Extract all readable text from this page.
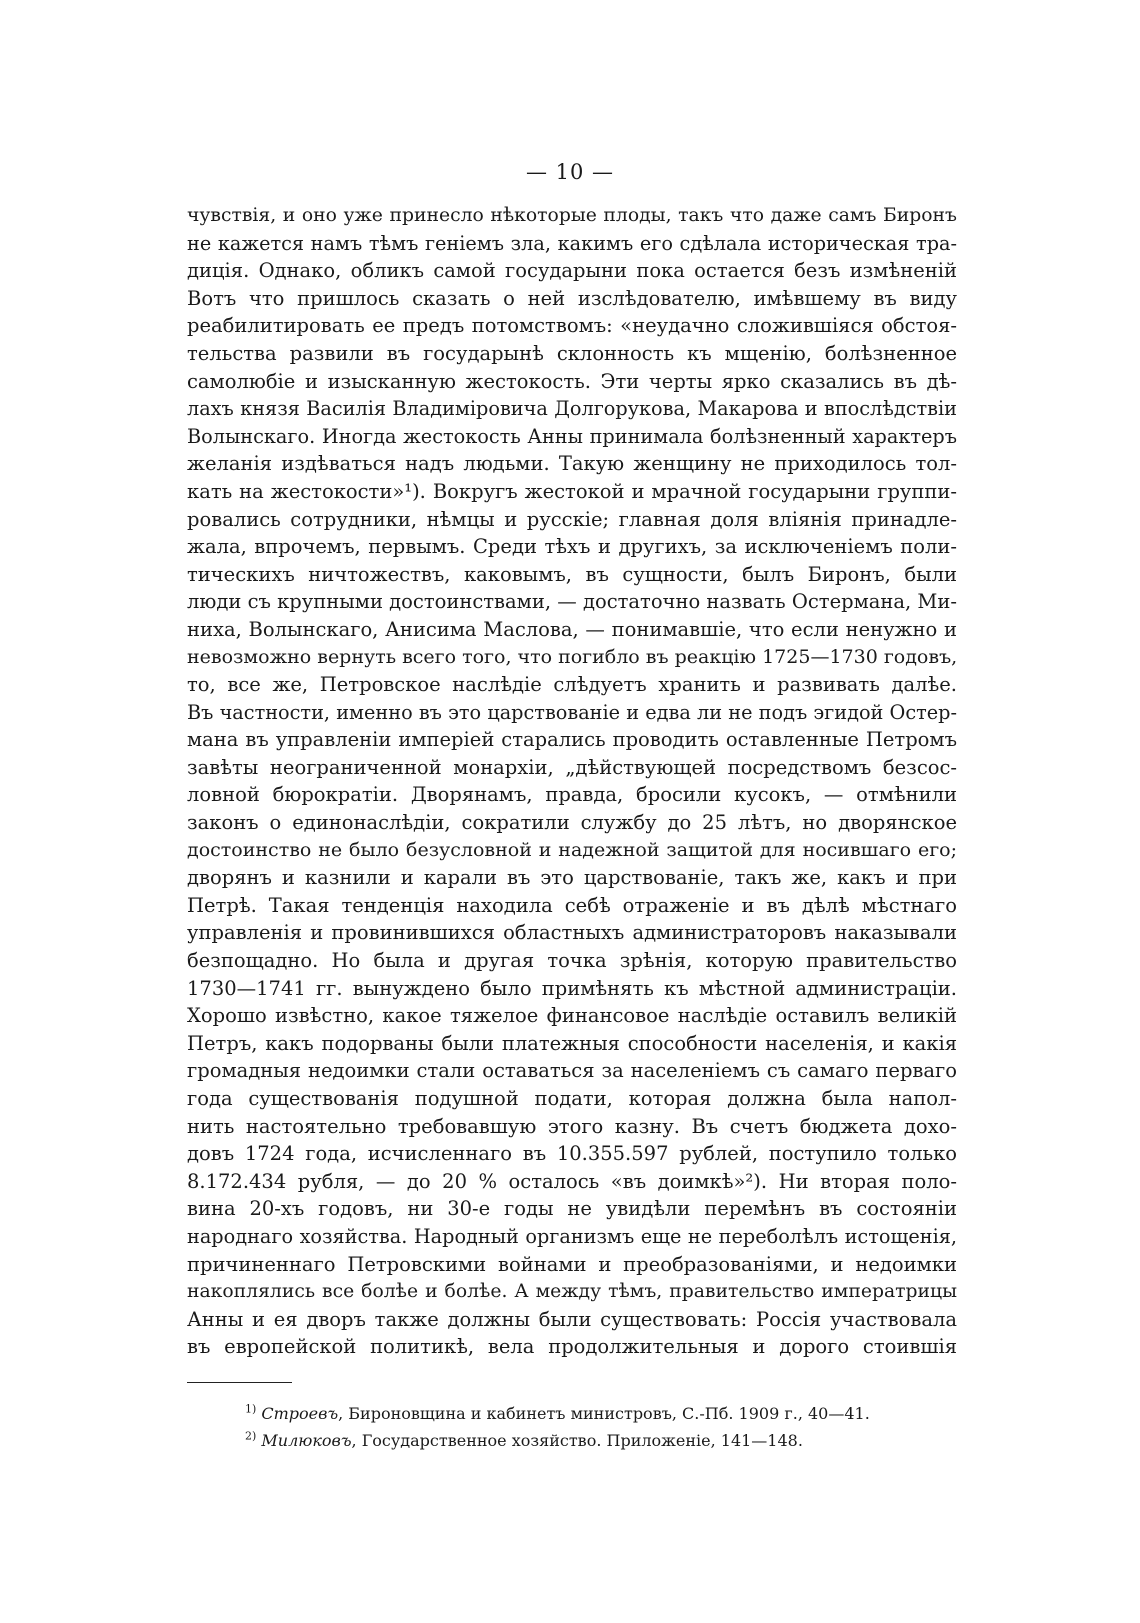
— 10 —
чувствія, и оно уже принесло нѣкоторые плоды, такъ что даже самъ Биронъ
не кажется намъ тѣмъ геніемъ зла, какимъ его сдѣлала историческая тра-
диція. Однако, обликъ самой государыни пока остается безъ измѣненій
Вотъ что пришлось сказать о ней изслѣдователю, имѣвшему въ виду
реабилитировать ее предъ потомствомъ: «неудачно сложившіяся обстоя-
тельства развили въ государынѣ склонность къ мщенію, болѣзненное
самолюбіе и изысканную жестокость. Эти черты ярко сказались въ дѣ-
лахъ князя Василія Владиміровича Долгорукова, Макарова и впослѣдствіи
Волынскаго. Иногда жестокость Анны принимала болѣзненный характеръ
желанія издѣваться надъ людьми. Такую женщину не приходилось тол-
кать на жестокости»¹). Вокругъ жестокой и мрачной государыни группи-
ровались сотрудники, нѣмцы и русскіе; главная доля вліянія принадле-
жала, впрочемъ, первымъ. Среди тѣхъ и другихъ, за исключеніемъ поли-
тическихъ ничтожествъ, каковымъ, въ сущности, былъ Биронъ, были
люди съ крупными достоинствами, — достаточно назвать Остермана, Ми-
ниха, Волынскаго, Анисима Маслова, — понимавшіе, что если ненужно и
невозможно вернуть всего того, что погибло въ реакцію 1725—1730 годовъ,
то, все же, Петровское наслѣдіе слѣдуетъ хранить и развивать далѣе.
Въ частности, именно въ это царствованіе и едва ли не подъ эгидой Остер-
мана въ управленіи имперіей старались проводить оставленные Петромъ
завѣты неограниченной монархіи, „дѣйствующей посредствомъ безсос-
ловной бюрократіи. Дворянамъ, правда, бросили кусокъ, — отмѣнили
законъ о единонаслѣдіи, сократили службу до 25 лѣтъ, но дворянское
достоинство не было безусловной и надежной защитой для носившаго его;
дворянъ и казнили и карали въ это царствованіе, такъ же, какъ и при
Петрѣ. Такая тенденція находила себѣ отраженіе и въ дѣлѣ мѣстнаго
управленія и провинившихся областныхъ администраторовъ наказывали
безпощадно. Но была и другая точка зрѣнія, которую правительство
1730—1741 гг. вынуждено было примѣнять къ мѣстной администраціи.
Хорошо извѣстно, какое тяжелое финансовое наслѣдіе оставилъ великій
Петръ, какъ подорваны были платежныя способности населенія, и какія
громадныя недоимки стали оставаться за населеніемъ съ самаго перваго
года существованія подушной подати, которая должна была напол-
нить настоятельно требовавшую этого казну. Въ счетъ бюджета дохо-
довъ 1724 года, исчисленнаго въ 10.355.597 рублей, поступило только
8.172.434 рубля, — до 20 % осталось «въ доимкѣ»²). Ни вторая поло-
вина 20-хъ годовъ, ни 30-е годы не увидѣли перемѣнъ въ состояніи
народнаго хозяйства. Народный организмъ еще не переболѣлъ истощенія,
причиненнаго Петровскими войнами и преобразованіями, и недоимки
накоплялись все болѣе и болѣе. А между тѣмъ, правительство императрицы
Анны и ея дворъ также должны были существовать: Россія участвовала
въ европейской политикѣ, вела продолжительныя и дорого стоившія
$^{1)}$ Строевъ, Бироновщина и кабинетъ министровъ, С.-Пб. 1909 г., 40—41.
$^{2)}$ Милюковъ, Государственное хозяйство. Приложеніе, 141—148.
